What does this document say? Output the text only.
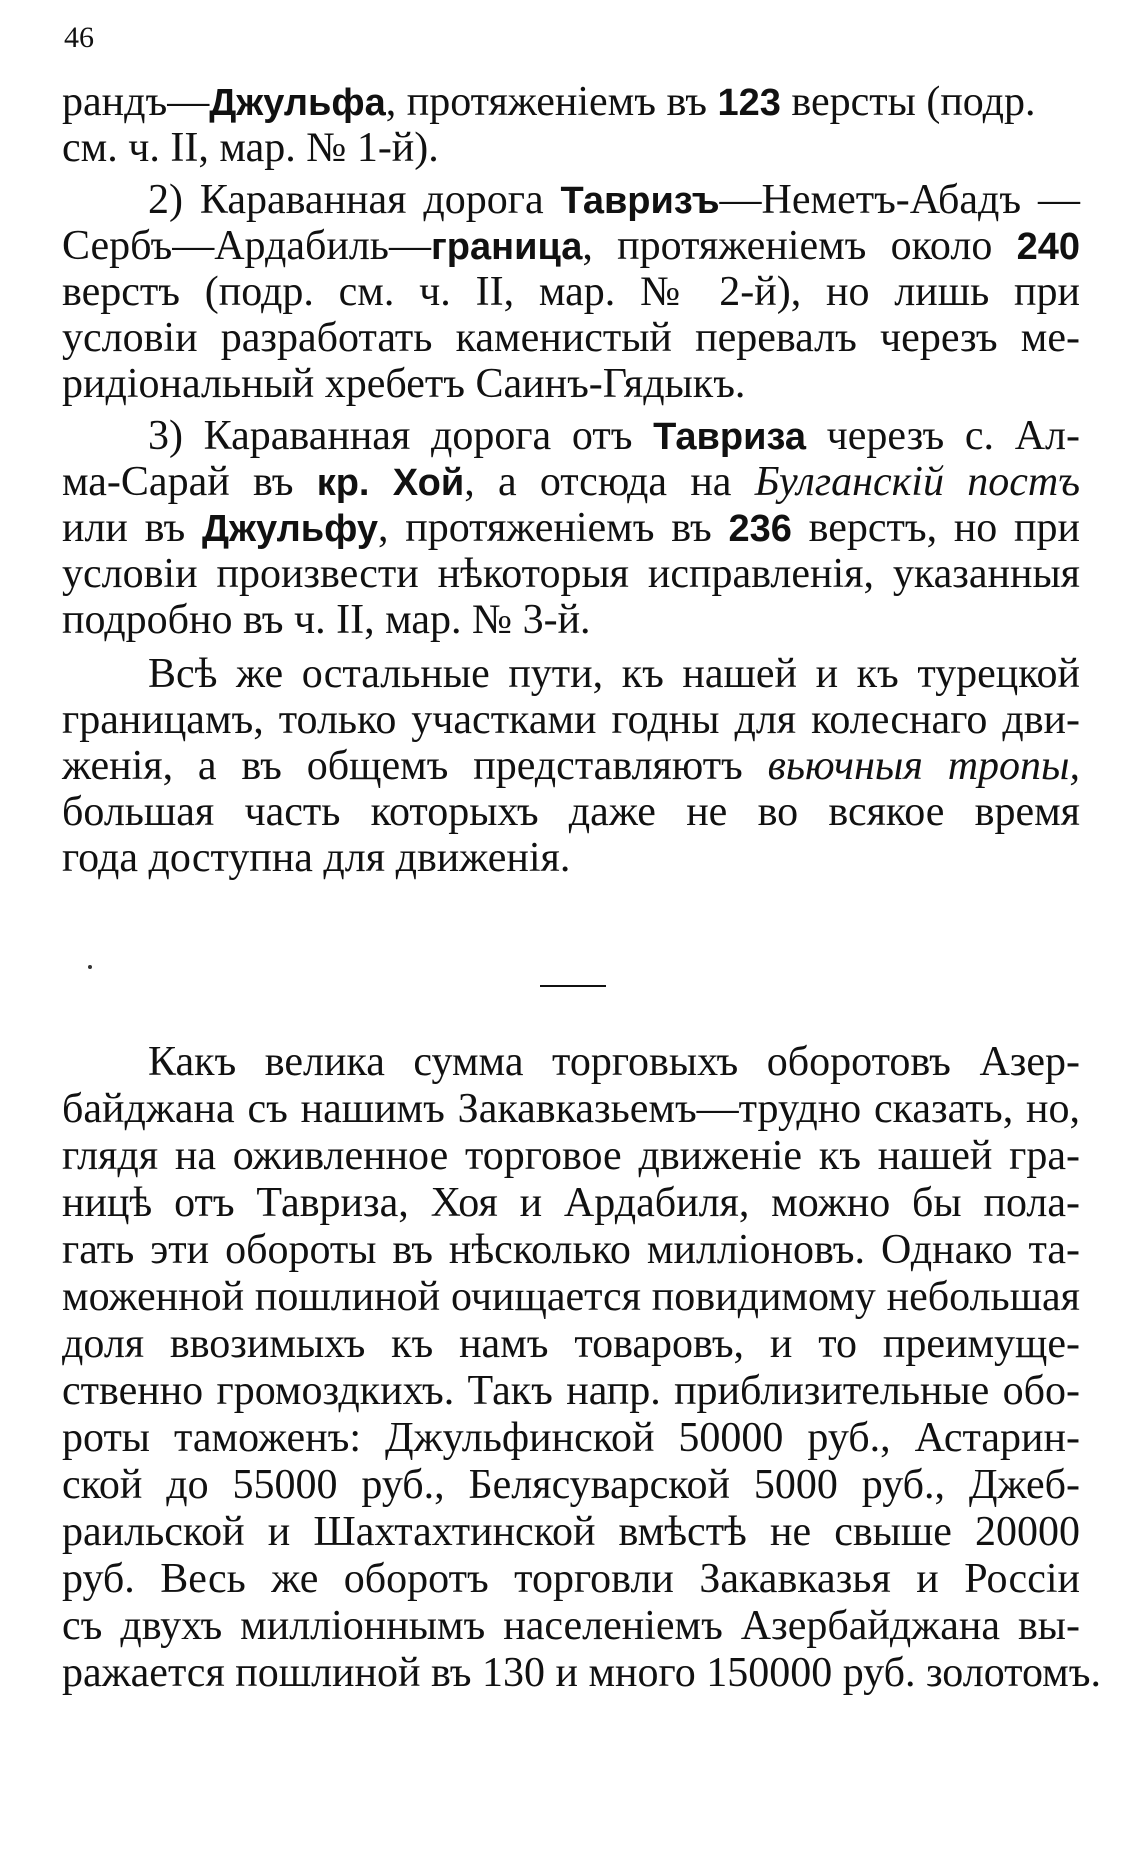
46
рандъ—Джульфа, протяженіемъ въ 123 версты (подр.
см. ч. II, мар. № 1-й).
2) Караванная дорога Тавризъ—Неметъ-Абадъ —
Сербъ—Ардабиль—граница, протяженіемъ около 240
верстъ (подр. см. ч. II, мар. № 2-й), но лишь при
условіи разработать каменистый перевалъ черезъ ме-
ридіональный хребетъ Саинъ-Гядыкъ.
3) Караванная дорога отъ Тавриза черезъ с. Ал-
ма-Сарай въ кр. Хой, а отсюда на Булганскій постъ
или въ Джульфу, протяженіемъ въ 236 верстъ, но при
условіи произвести нѣкоторыя исправленія, указанныя
подробно въ ч. II, мар. № 3-й.
Всѣ же остальные пути, къ нашей и къ турецкой
границамъ, только участками годны для колеснаго дви-
женія, а въ общемъ представляютъ вьючныя тропы,
большая часть которыхъ даже не во всякое время
года доступна для движенія.
Какъ велика сумма торговыхъ оборотовъ Азер-
байджана съ нашимъ Закавказьемъ—трудно сказать, но,
глядя на оживленное торговое движеніе къ нашей гра-
ницѣ отъ Тавриза, Хоя и Ардабиля, можно бы пола-
гать эти обороты въ нѣсколько милліоновъ. Однако та-
моженной пошлиной очищается повидимому небольшая
доля ввозимыхъ къ намъ товаровъ, и то преимуще-
ственно громоздкихъ. Такъ напр. приблизительные обо-
роты таможенъ: Джульфинской 50000 руб., Астарин-
ской до 55000 руб., Белясуварской 5000 руб., Джеб-
раильской и Шахтахтинской вмѣстѣ не свыше 20000
руб. Весь же оборотъ торговли Закавказья и Россіи
съ двухъ милліоннымъ населеніемъ Азербайджана вы-
ражается пошлиной въ 130 и много 150000 руб. золотомъ.
